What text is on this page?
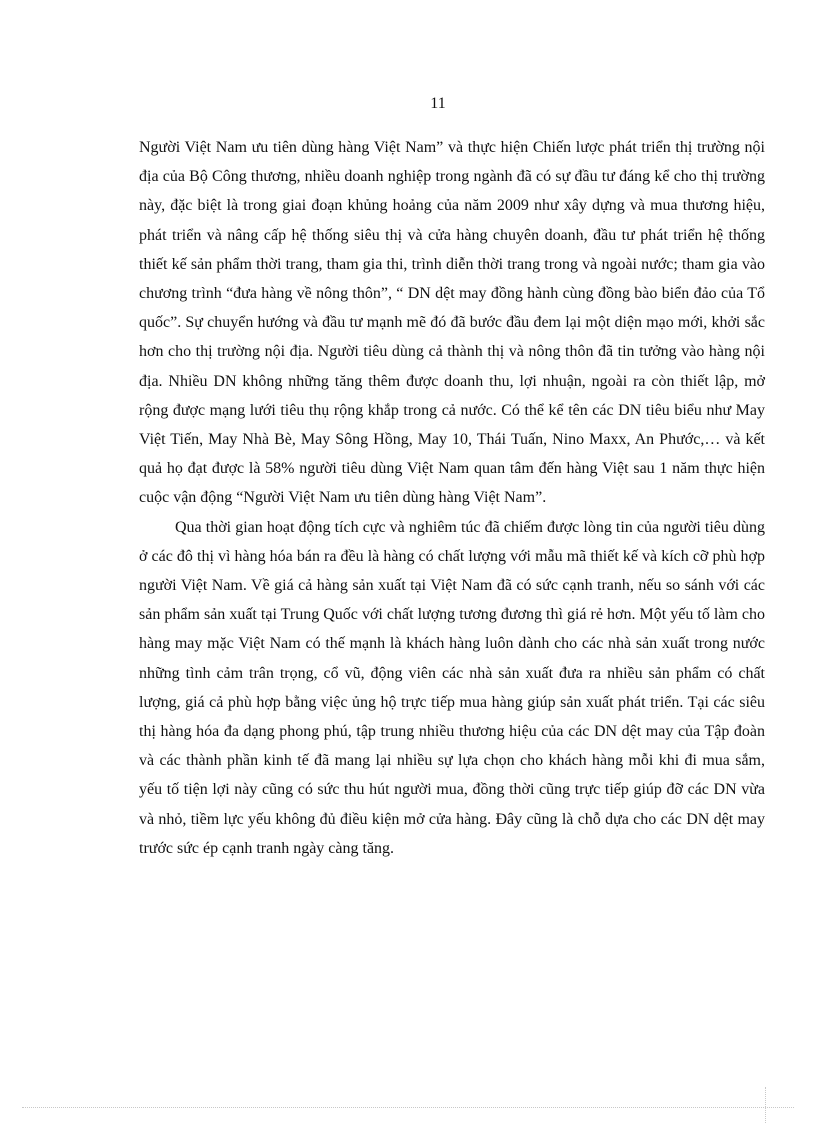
11

Người Việt Nam ưu tiên dùng hàng Việt Nam” và thực hiện Chiến lược phát triển thị trường nội địa của Bộ Công thương, nhiều doanh nghiệp trong ngành đã có sự đầu tư đáng kể cho thị trường này, đặc biệt là trong giai đoạn khủng hoảng của năm 2009 như xây dựng và mua thương hiệu, phát triển và nâng cấp hệ thống siêu thị và cửa hàng chuyên doanh, đầu tư phát triển hệ thống thiết kế sản phẩm thời trang, tham gia thi, trình diễn thời trang trong và ngoài nước; tham gia vào chương trình “đưa hàng về nông thôn”, “ DN dệt may đồng hành cùng đồng bào biển đảo của Tổ quốc”. Sự chuyển hướng và đầu tư mạnh mẽ đó đã bước đầu đem lại một diện mạo mới, khởi sắc hơn cho thị trường nội địa. Người tiêu dùng cả thành thị và nông thôn đã tin tưởng vào hàng nội địa. Nhiều DN không những tăng thêm được doanh thu, lợi nhuận, ngoài ra còn thiết lập, mở rộng được mạng lưới tiêu thụ rộng khắp trong cả nước. Có thể kể tên các DN tiêu biểu như May Việt Tiến, May Nhà Bè, May Sông Hồng, May 10, Thái Tuấn, Nino Maxx, An Phước,… và kết quả họ đạt được là 58% người tiêu dùng Việt Nam quan tâm đến hàng Việt sau 1 năm thực hiện cuộc vận động “Người Việt Nam ưu tiên dùng hàng Việt Nam”.

Qua thời gian hoạt động tích cực và nghiêm túc đã chiếm được lòng tin của người tiêu dùng ở các đô thị vì hàng hóa bán ra đều là hàng có chất lượng với mẫu mã thiết kế và kích cỡ phù hợp người Việt Nam. Về giá cả hàng sản xuất tại Việt Nam đã có sức cạnh tranh, nếu so sánh với các sản phẩm sản xuất tại Trung Quốc với chất lượng tương đương thì giá rẻ hơn. Một yếu tố làm cho hàng may mặc Việt Nam có thế mạnh là khách hàng luôn dành cho các nhà sản xuất trong nước những tình cảm trân trọng, cổ vũ, động viên các nhà sản xuất đưa ra nhiều sản phẩm có chất lượng, giá cả phù hợp bằng việc ủng hộ trực tiếp mua hàng giúp sản xuất phát triển. Tại các siêu thị hàng hóa đa dạng phong phú, tập trung nhiều thương hiệu của các DN dệt may của Tập đoàn và các thành phần kinh tế đã mang lại nhiều sự lựa chọn cho khách hàng mỗi khi đi mua sắm, yếu tố tiện lợi này cũng có sức thu hút người mua, đồng thời cũng trực tiếp giúp đỡ các DN vừa và nhỏ, tiềm lực yếu không đủ điều kiện mở cửa hàng. Đây cũng là chỗ dựa cho các DN dệt may trước sức ép cạnh tranh ngày càng tăng.
